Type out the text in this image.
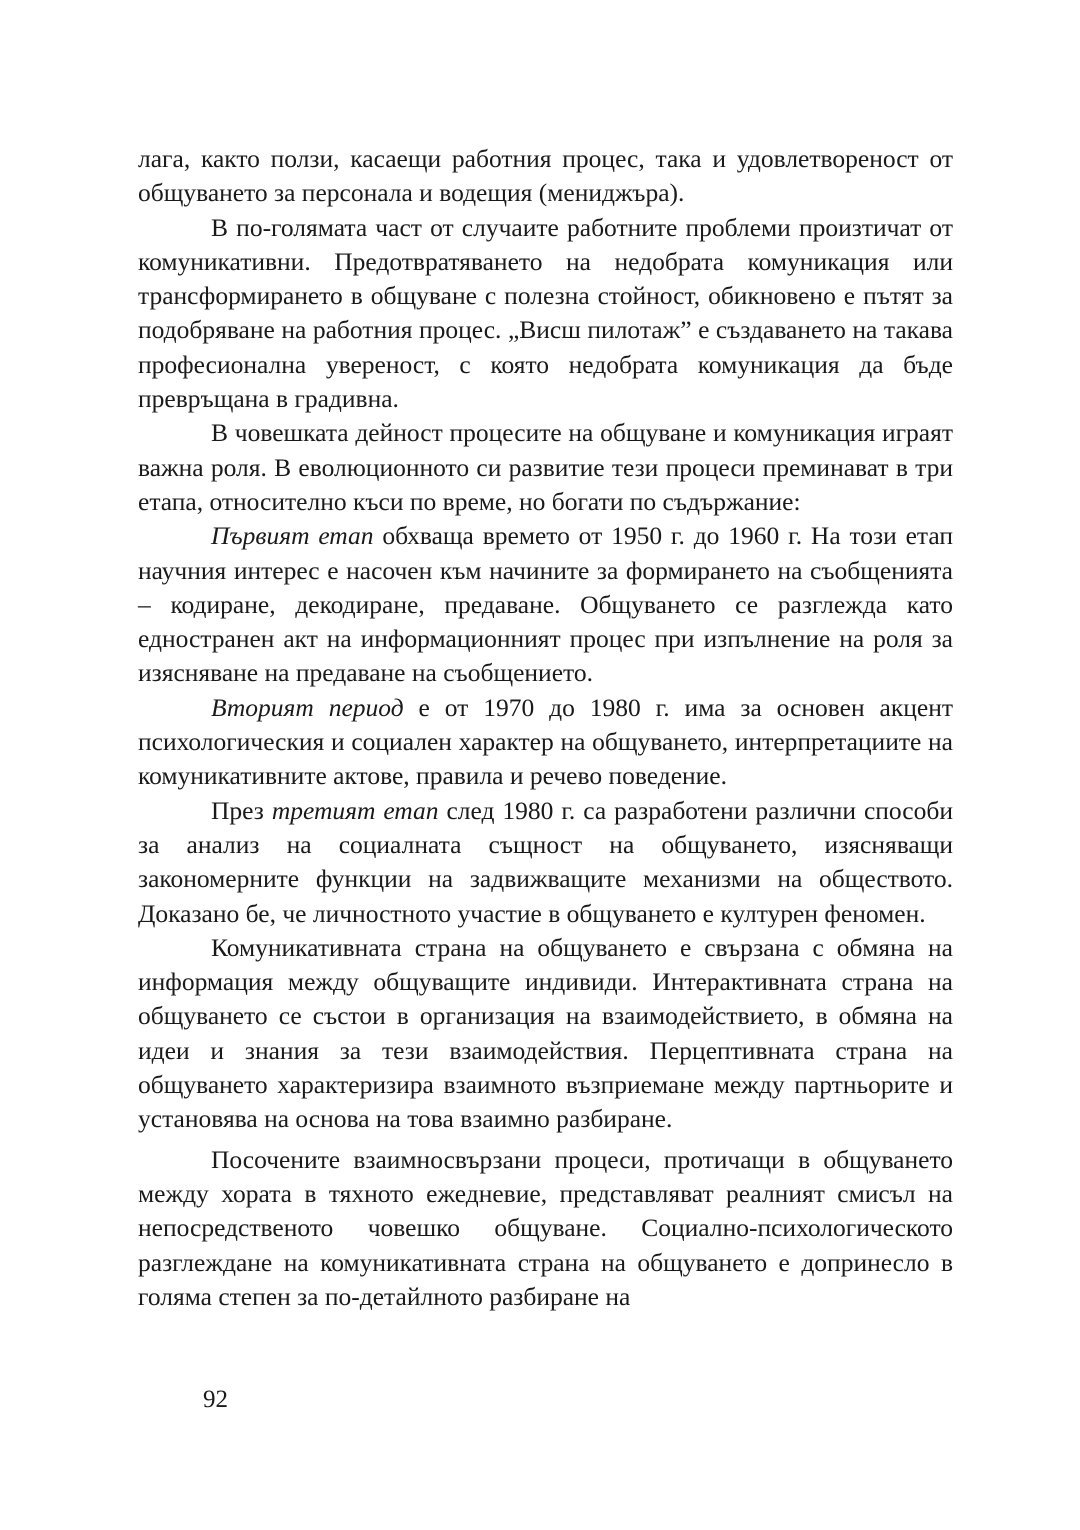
лага, както ползи, касаещи работния процес, така и удовлетвореност от общуването за персонала и водещия (мениджъра).

В по-голямата част от случаите работните проблеми произтичат от комуникативни. Предотвратяването на недобрата комуникация или трансформирането в общуване с полезна стойност, обикновено е пътят за подобряване на работния процес. „Висш пилотаж” е създаването на такава професионална увереност, с която недобрата комуникация да бъде превръщана в градивна.

В човешката дейност процесите на общуване и комуникация играят важна роля. В еволюционното си развитие тези процеси преминават в три етапа, относително къси по време, но богати по съдържание:

Първият етап обхваща времето от 1950 г. до 1960 г. На този етап научния интерес е насочен към начините за формирането на съобщенията – кодиране, декодиране, предаване. Общуването се разглежда като едностранен акт на информационният процес при изпълнение на роля за изясняване на предаване на съобщението.

Вторият период е от 1970 до 1980 г. има за основен акцент психологическия и социален характер на общуването, интерпретациите на комуникативните актове, правила и речево поведение.

През третият етап след 1980 г. са разработени различни способи за анализ на социалната същност на общуването, изясняващи закономерните функции на задвижващите механизми на обществото. Доказано бе, че личностното участие в общуването е културен феномен.

Комуникативната страна на общуването е свързана с обмяна на информация между общуващите индивиди. Интерактивната страна на общуването се състои в организация на взаимодействието, в обмяна на идеи и знания за тези взаимодействия. Перцептивната страна на общуването характеризира взаимното възприемане между партньорите и установява на основа на това взаимно разбиране.

Посочените взаимносвързани процеси, протичащи в общуването между хората в тяхното ежедневие, представляват реалният смисъл на непосредственото човешко общуване. Социално-психологическото разглеждане на комуникативната страна на общуването е допринесло в голяма степен за по-детайлното разбиране на

92
